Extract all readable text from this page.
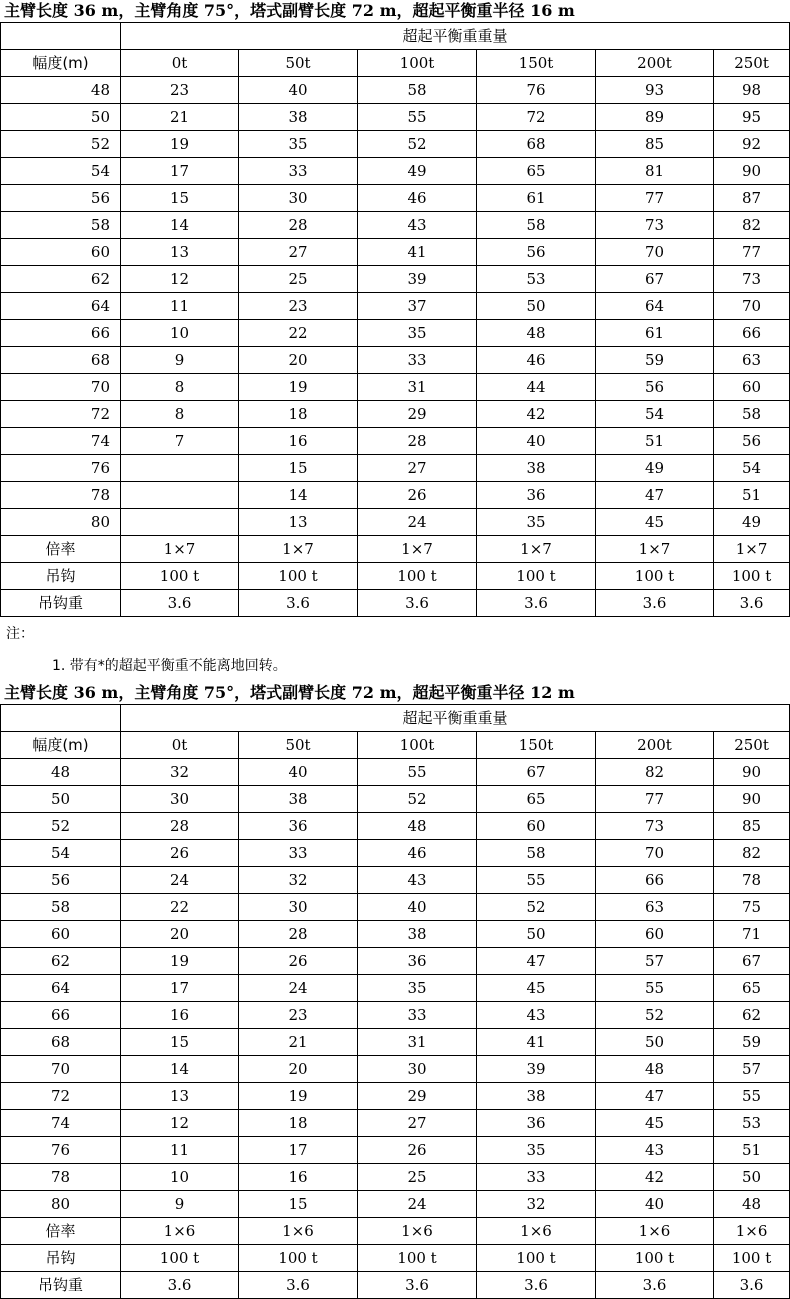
主臂长度 36 m，主臂角度 75°，塔式副臂长度 72 m，超起平衡重半径 16 m
	超起平衡重重量					
幅度(m)	0t	50t	100t	150t	200t	250t
48	23	40	58	76	93	98
50	21	38	55	72	89	95
52	19	35	52	68	85	92
54	17	33	49	65	81	90
56	15	30	46	61	77	87
58	14	28	43	58	73	82
60	13	27	41	56	70	77
62	12	25	39	53	67	73
64	11	23	37	50	64	70
66	10	22	35	48	61	66
68	9	20	33	46	59	63
70	8	19	31	44	56	60
72	8	18	29	42	54	58
74	7	16	28	40	51	56
76		15	27	38	49	54
78		14	26	36	47	51
80		13	24	35	45	49
倍率	1×7	1×7	1×7	1×7	1×7	1×7
吊钩	100 t	100 t	100 t	100 t	100 t	100 t
吊钩重	3.6	3.6	3.6	3.6	3.6	3.6
注：
1. 带有*的超起平衡重不能离地回转。
主臂长度 36 m，主臂角度 75°，塔式副臂长度 72 m，超起平衡重半径 12 m
	超起平衡重重量					
幅度(m)	0t	50t	100t	150t	200t	250t
48	32	40	55	67	82	90
50	30	38	52	65	77	90
52	28	36	48	60	73	85
54	26	33	46	58	70	82
56	24	32	43	55	66	78
58	22	30	40	52	63	75
60	20	28	38	50	60	71
62	19	26	36	47	57	67
64	17	24	35	45	55	65
66	16	23	33	43	52	62
68	15	21	31	41	50	59
70	14	20	30	39	48	57
72	13	19	29	38	47	55
74	12	18	27	36	45	53
76	11	17	26	35	43	51
78	10	16	25	33	42	50
80	9	15	24	32	40	48
倍率	1×6	1×6	1×6	1×6	1×6	1×6
吊钩	100 t	100 t	100 t	100 t	100 t	100 t
吊钩重	3.6	3.6	3.6	3.6	3.6	3.6
